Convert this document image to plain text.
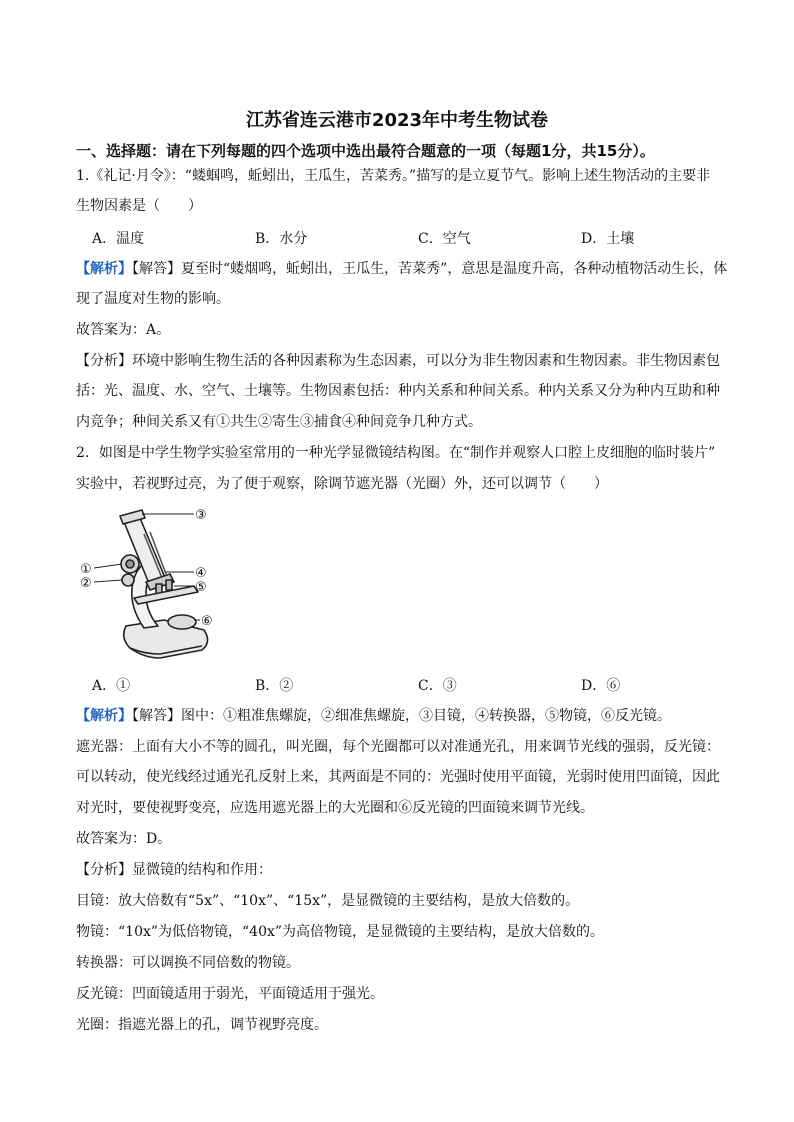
江苏省连云港市2023年中考生物试卷
一、选择题：请在下列每题的四个选项中选出最符合题意的一项（每题1分，共15分）。
1.《礼记·月令》：“蝼蝈鸣，蚯蚓出，王瓜生，苦菜秀。”描写的是立夏节气。影响上述生物活动的主要非
生物因素是（　　）
A．温度	B．水分	C．空气	D．土壤
【解析】【解答】夏至时“蝼烟鸣，蚯蚓出，王瓜生，苦菜秀”，意思是温度升高，各种动植物活动生长，体
现了温度对生物的影响。
故答案为：A。
【分析】环境中影响生物生活的各种因素称为生态因素，可以分为非生物因素和生物因素。非生物因素包
括：光、温度、水、空气、土壤等。生物因素包括：种内关系和种间关系。种内关系又分为种内互助和种
内竞争；种间关系又有①共生②寄生③捕食④种间竞争几种方式。
2．如图是中学生物学实验室常用的一种光学显微镜结构图。在“制作并观察人口腔上皮细胞的临时装片”
实验中，若视野过亮，为了便于观察，除调节遮光器（光圈）外，还可以调节（　　）
③
①
②
④
⑤
⑥
A．①	B．②	C．③	D．⑥
【解析】【解答】图中：①粗准焦螺旋，②细准焦螺旋，③目镜，④转换器，⑤物镜，⑥反光镜。
遮光器：上面有大小不等的圆孔，叫光圈，每个光圈都可以对准通光孔，用来调节光线的强弱，反光镜：
可以转动，使光线经过通光孔反射上来，其两面是不同的：光强时使用平面镜，光弱时使用凹面镜，因此
对光时，要使视野变亮，应选用遮光器上的大光圈和⑥反光镜的凹面镜来调节光线。
故答案为：D。
【分析】显微镜的结构和作用：
目镜：放大倍数有“5x”、“10x”、“15x”，是显微镜的主要结构，是放大倍数的。
物镜：“10x”为低倍物镜，“40x”为高倍物镜，是显微镜的主要结构，是放大倍数的。
转换器：可以调换不同倍数的物镜。
反光镜：凹面镜适用于弱光，平面镜适用于强光。
光圈：指遮光器上的孔，调节视野亮度。
